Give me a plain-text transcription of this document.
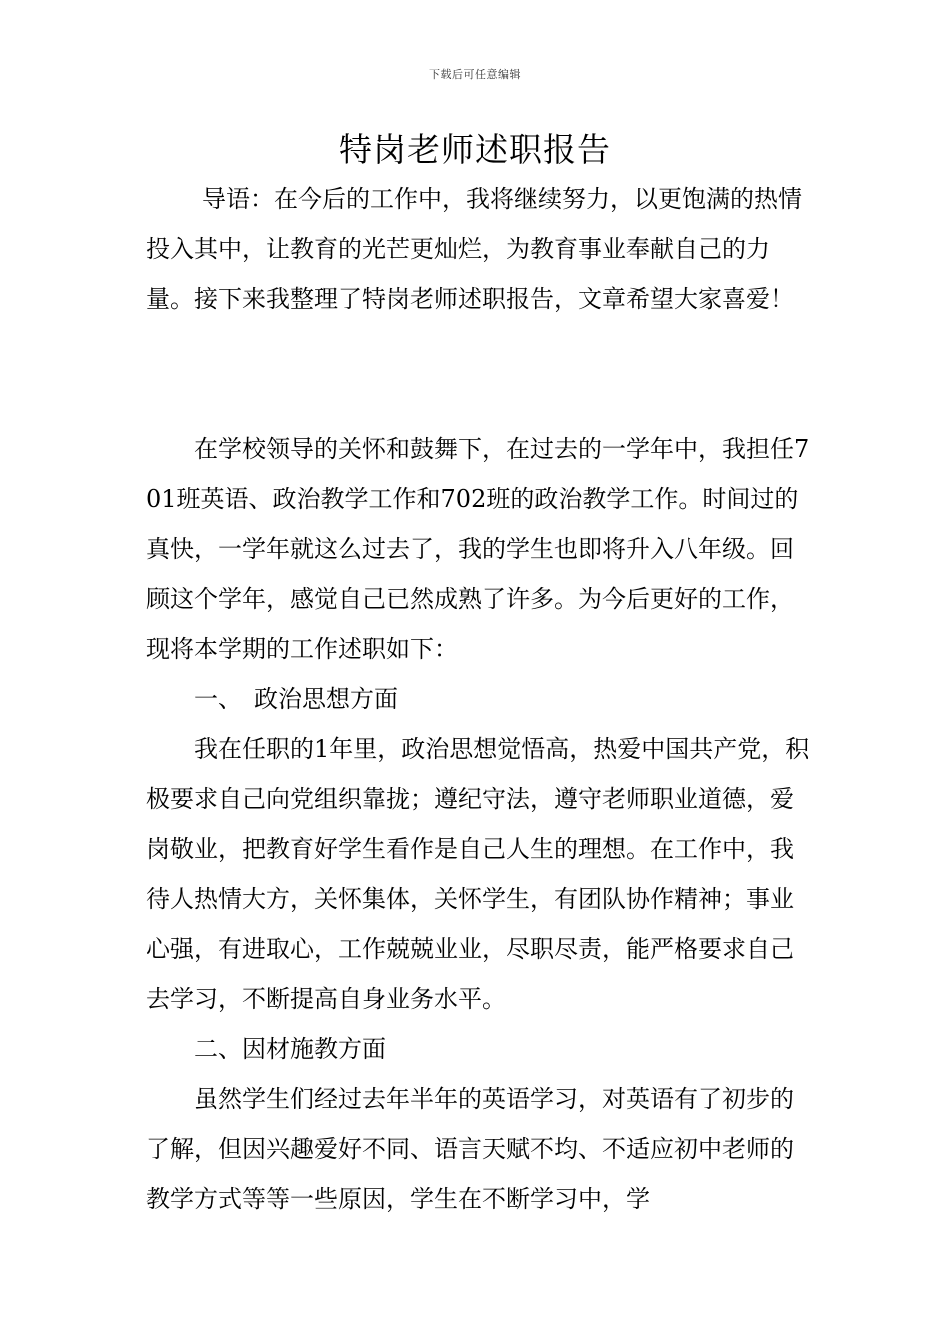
下载后可任意编辑
特岗老师述职报告

导语：在今后的工作中，我将继续努力，以更饱满的热情投入其中，让教育的光芒更灿烂，为教育事业奉献自己的力量。接下来我整理了特岗老师述职报告，文章希望大家喜爱！

在学校领导的关怀和鼓舞下，在过去的一学年中，我担任701班英语、政治教学工作和702班的政治教学工作。时间过的真快，一学年就这么过去了，我的学生也即将升入八年级。回顾这个学年，感觉自己已然成熟了许多。为今后更好的工作，现将本学期的工作述职如下：

一、　政治思想方面

我在任职的1年里，政治思想觉悟高，热爱中国共产党，积极要求自己向党组织靠拢；遵纪守法，遵守老师职业道德，爱岗敬业，把教育好学生看作是自己人生的理想。在工作中，我待人热情大方，关怀集体，关怀学生，有团队协作精神；事业心强，有进取心，工作兢兢业业，尽职尽责，能严格要求自己去学习，不断提高自身业务水平。

二、因材施教方面

虽然学生们经过去年半年的英语学习，对英语有了初步的了解，但因兴趣爱好不同、语言天赋不均、不适应初中老师的教学方式等等一些原因，学生在不断学习中，学
